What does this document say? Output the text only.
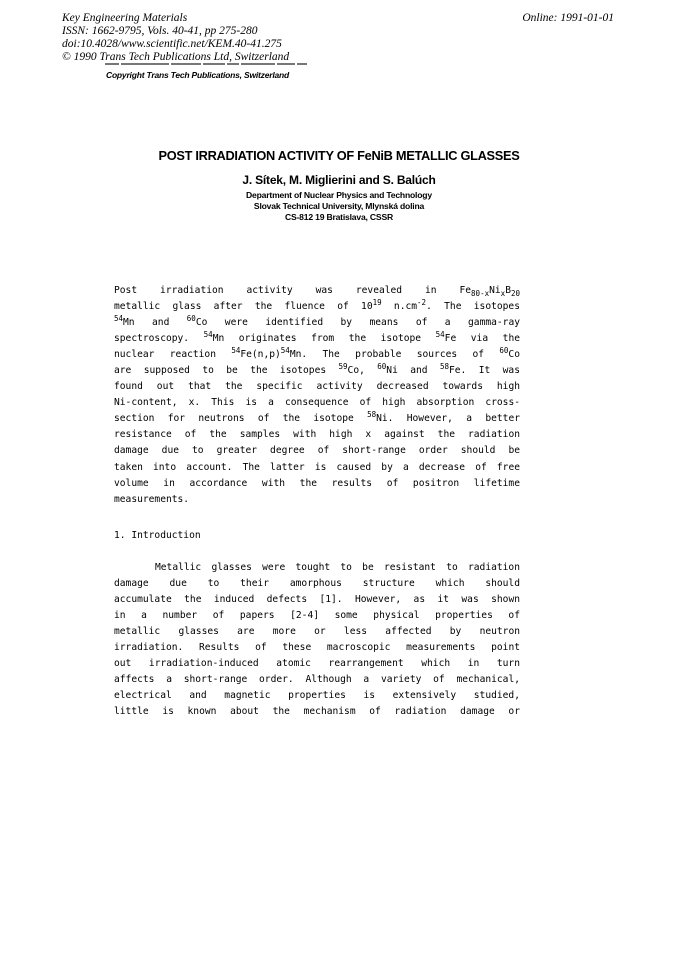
Key Engineering Materials
ISSN: 1662-9795, Vols. 40-41, pp 275-280
doi:10.4028/www.scientific.net/KEM.40-41.275
© 1990 Trans Tech Publications Ltd, Switzerland
Online: 1991-01-01
Copyright Trans Tech Publications, Switzerland
POST IRRADIATION ACTIVITY OF FeNiB METALLIC GLASSES
J. Sítek, M. Miglierini and S. Balúch
Department of Nuclear Physics and Technology
Slovak Technical University, Mlynská dolina
CS-812 19 Bratislava, CSSR
Post irradiation activity was revealed in $Fe_{80-x}Ni_xB_{20}$
metallic glass after the fluence of $10^{19}$ $n.cm^{-2}$. The isotopes
$^{54}$Mn and $^{60}$Co were identified by means of a gamma-ray
spectroscopy. $^{54}$Mn originates from the isotope $^{54}$Fe via the
nuclear reaction $^{54}Fe(n,p)^{54}Mn$. The probable sources of $^{60}$Co
are supposed to be the isotopes $^{59}$Co, $^{60}$Ni and $^{58}$Fe. It was
found out that the specific activity decreased towards high
Ni-content, x. This is a consequence of high absorption cross-
section for neutrons of the isotope $^{58}$Ni. However, a better
resistance of the samples with high x against the radiation
damage due to greater degree of short-range order should be
taken into account. The latter is caused by a decrease of free
volume in accordance with the results of positron lifetime
measurements.
1. Introduction
Metallic glasses were tought to be resistant to radiation
damage due to their amorphous structure which should
accumulate the induced defects [1]. However, as it was shown
in a number of papers [2-4] some physical properties of
metallic glasses are more or less affected by neutron
irradiation. Results of these macroscopic measurements point
out irradiation-induced atomic rearrangement which in turn
affects a short-range order. Although a variety of mechanical,
electrical and magnetic properties is extensively studied,
little is known about the mechanism of radiation damage or
